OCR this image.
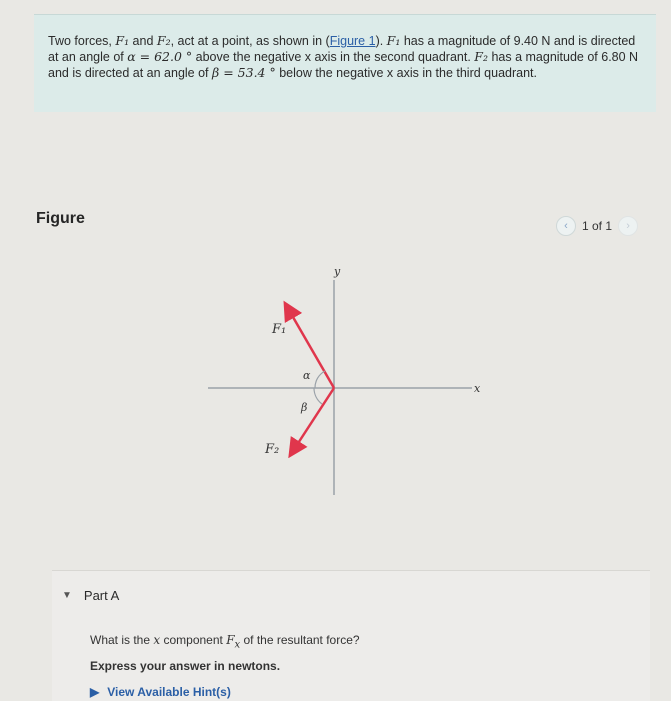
Two forces, F₁ and F₂, act at a point, as shown in (Figure 1). F₁ has a magnitude of 9.40 N and is directed at an angle of α = 62.0 ° above the negative x axis in the second quadrant. F₂ has a magnitude of 6.80 N and is directed at an angle of β = 53.4 ° below the negative x axis in the third quadrant.
Figure	‹ 1 of 1 ›
y
x
F₁
F₂
α
β
▼ Part A
What is the x component $F_x$ of the resultant force?
Express your answer in newtons.
▶ View Available Hint(s)
